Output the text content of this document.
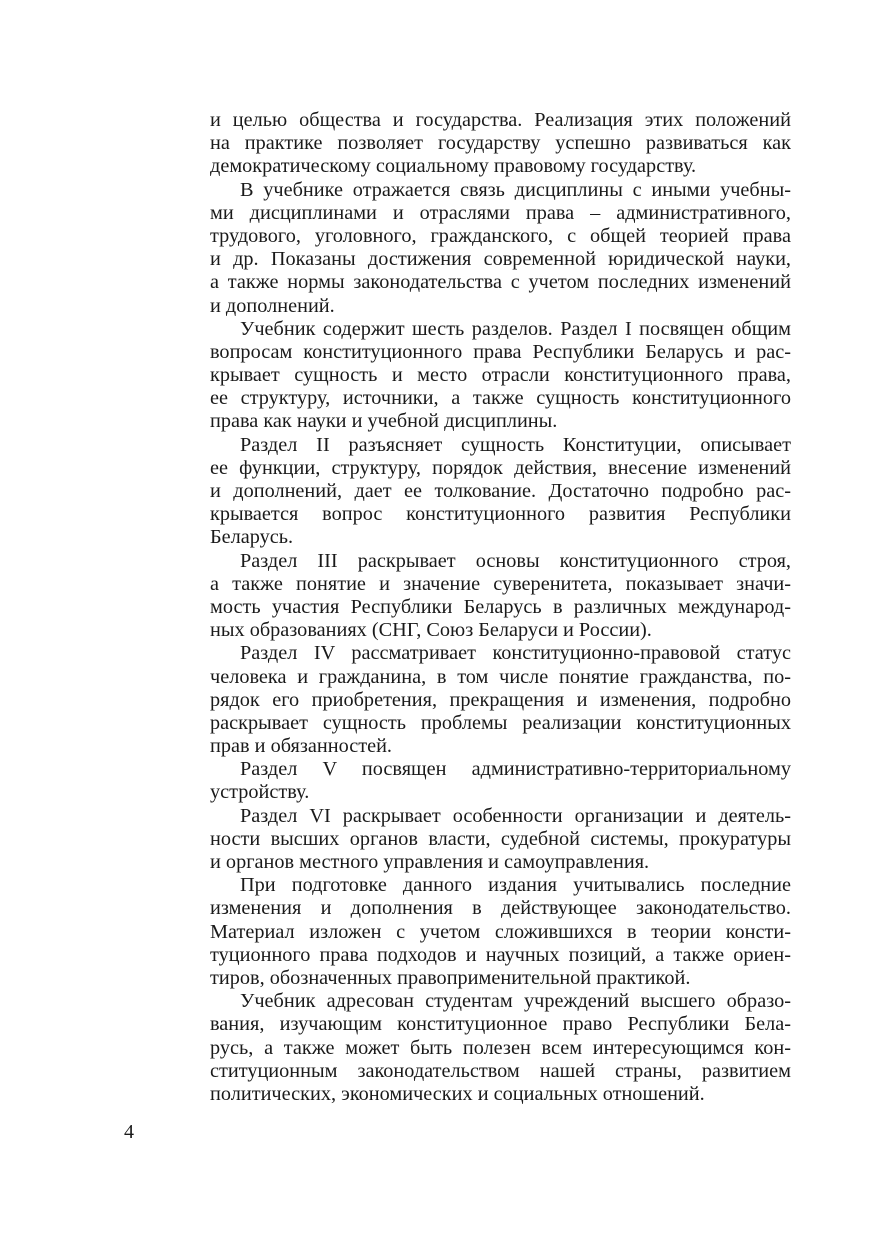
и целью общества и государства. Реализация этих положений
на практике позволяет государству успешно развиваться как
демократическому социальному правовому государству.
В учебнике отражается связь дисциплины с иными учебны-
ми дисциплинами и отраслями права – административного,
трудового, уголовного, гражданского, с общей теорией права
и др. Показаны достижения современной юридической науки,
а также нормы законодательства с учетом последних изменений
и дополнений.
Учебник содержит шесть разделов. Раздел I посвящен общим
вопросам конституционного права Республики Беларусь и рас-
крывает сущность и место отрасли конституционного права,
ее структуру, источники, а также сущность конституционного
права как науки и учебной дисциплины.
Раздел II разъясняет сущность Конституции, описывает
ее функции, структуру, порядок действия, внесение изменений
и дополнений, дает ее толкование. Достаточно подробно рас-
крывается вопрос конституционного развития Республики
Беларусь.
Раздел III раскрывает основы конституционного строя,
а также понятие и значение суверенитета, показывает значи-
мость участия Республики Беларусь в различных международ-
ных образованиях (СНГ, Союз Беларуси и России).
Раздел IV рассматривает конституционно-правовой статус
человека и гражданина, в том числе понятие гражданства, по-
рядок его приобретения, прекращения и изменения, подробно
раскрывает сущность проблемы реализации конституционных
прав и обязанностей.
Раздел V посвящен административно-территориальному
устройству.
Раздел VI раскрывает особенности организации и деятель-
ности высших органов власти, судебной системы, прокуратуры
и органов местного управления и самоуправления.
При подготовке данного издания учитывались последние
изменения и дополнения в действующее законодательство.
Материал изложен с учетом сложившихся в теории консти-
туционного права подходов и научных позиций, а также ориен-
тиров, обозначенных правоприменительной практикой.
Учебник адресован студентам учреждений высшего образо-
вания, изучающим конституционное право Республики Бела-
русь, а также может быть полезен всем интересующимся кон-
ституционным законодательством нашей страны, развитием
политических, экономических и социальных отношений.
4
